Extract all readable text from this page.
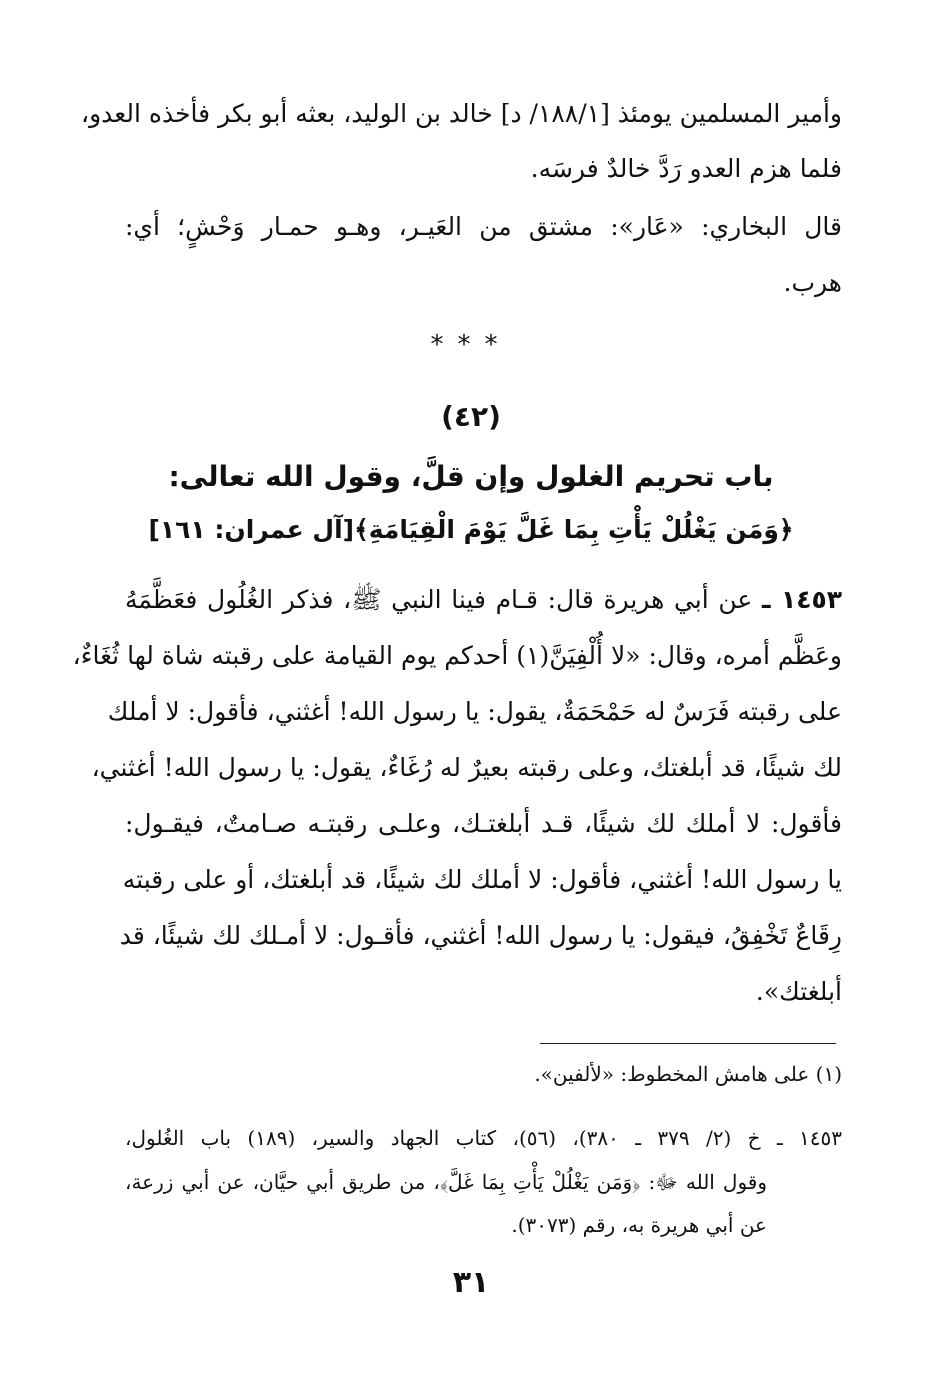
وأمير المسلمين يومئذ [١٨٨/١/ د] خالد بن الوليد، بعثه أبو بكر فأخذه العدو،
فلما هزم العدو رَدَّ خالدٌ فرسَه.
قال البخاري: «عَار»: مشتق من العَيـر، وهـو حمـار وَحْشٍ؛ أي:
هرب.
***
(٤٢)
باب تحريم الغلول وإن قلَّ، وقول الله تعالى:
﴿وَمَن يَغْلُلْ يَأْتِ بِمَا غَلَّ يَوْمَ الْقِيَامَةِ﴾[آل عمران: ١٦١]
١٤٥٣ ـ عن أبي هريرة قال: قـام فينا النبي ﷺ، فذكر الغُلُول فعَظَّمَهُ
وعَظَّم أمره، وقال: «لا أُلْفِيَنَّ(١) أحدكم يوم القيامة على رقبته شاة لها ثُغَاءٌ،
على رقبته فَرَسٌ له حَمْحَمَةٌ، يقول: يا رسول الله! أغثني، فأقول: لا أملك
لك شيئًا، قد أبلغتك، وعلى رقبته بعيرٌ له رُغَاءٌ، يقول: يا رسول الله! أغثني،
فأقول: لا أملك لك شيئًا، قـد أبلغتـك، وعلـى رقبتـه صـامتٌ، فيقـول:
يا رسول الله! أغثني، فأقول: لا أملك لك شيئًا، قد أبلغتك، أو على رقبته
رِقَاعٌ تَخْفِقُ، فيقول: يا رسول الله! أغثني، فأقـول: لا أمـلك لك شيئًا، قد
أبلغتك».
(١) على هامش المخطوط: «لألفين».
١٤٥٣ ـ خ (٢/ ٣٧٩ ـ ٣٨٠)، (٥٦)، كتاب الجهاد والسير، (١٨٩) باب الغُلول،
وقول الله ﷻ: ﴿وَمَن يَغْلُلْ يَأْتِ بِمَا غَلَّ﴾، من طريق أبي حيَّان، عن أبي زرعة،
عن أبي هريرة به، رقم (٣٠٧٣).
٣١
